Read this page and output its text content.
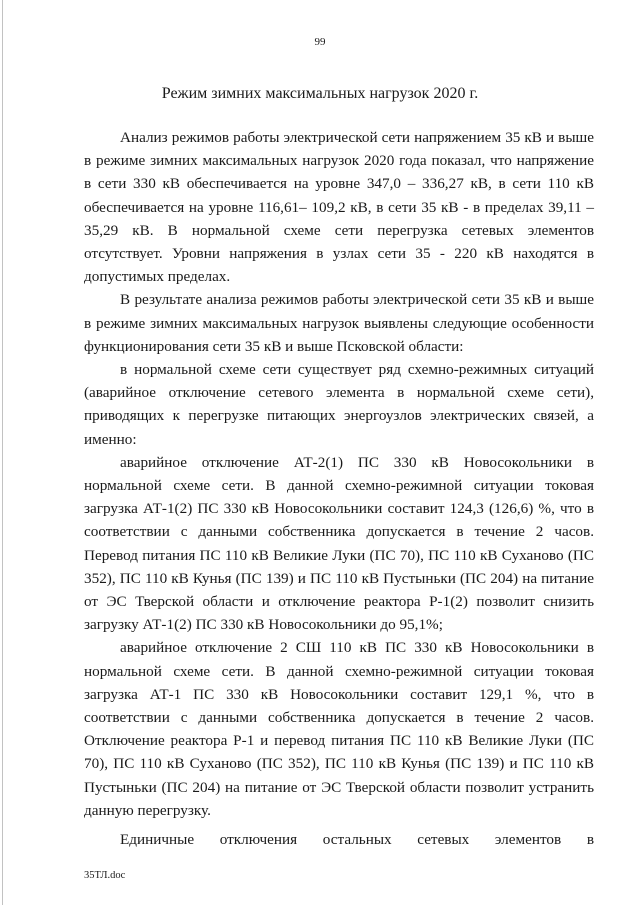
99
Режим зимних максимальных нагрузок 2020 г.

Анализ режимов работы электрической сети напряжением 35 кВ и выше в режиме зимних максимальных нагрузок 2020 года показал, что напряжение в сети 330 кВ обеспечивается на уровне 347,0 – 336,27 кВ, в сети 110 кВ обеспечивается на уровне 116,61– 109,2 кВ, в сети 35 кВ - в пределах 39,11 – 35,29 кВ. В нормальной схеме сети перегрузка сетевых элементов отсутствует. Уровни напряжения в узлах сети 35 - 220 кВ находятся в допустимых пределах.

В результате анализа режимов работы электрической сети 35 кВ и выше в режиме зимних максимальных нагрузок выявлены следующие особенности функционирования сети 35 кВ и выше Псковской области:

в нормальной схеме сети существует ряд схемно-режимных ситуаций (аварийное отключение сетевого элемента в нормальной схеме сети), приводящих к перегрузке питающих энергоузлов электрических связей, а именно:

аварийное отключение АТ-2(1) ПС 330 кВ Новосокольники в нормальной схеме сети. В данной схемно-режимной ситуации токовая загрузка АТ-1(2) ПС 330 кВ Новосокольники составит 124,3 (126,6) %, что в соответствии с данными собственника допускается в течение 2 часов. Перевод питания ПС 110 кВ Великие Луки (ПС 70), ПС 110 кВ Суханово (ПС 352), ПС 110 кВ Кунья (ПС 139) и ПС 110 кВ Пустыньки (ПС 204) на питание от ЭС Тверской области и отключение реактора Р-1(2) позволит снизить загрузку АТ-1(2) ПС 330 кВ Новосокольники до 95,1%;

аварийное отключение 2 СШ 110 кВ ПС 330 кВ Новосокольники в нормальной схеме сети. В данной схемно-режимной ситуации токовая загрузка АТ-1 ПС 330 кВ Новосокольники составит 129,1 %, что в соответствии с данными собственника допускается в течение 2 часов. Отключение реактора Р-1 и перевод питания ПС 110 кВ Великие Луки (ПС 70), ПС 110 кВ Суханово (ПС 352), ПС 110 кВ Кунья (ПС 139) и ПС 110 кВ Пустыньки (ПС 204) на питание от ЭС Тверской области позволит устранить данную перегрузку.

Единичные отключения остальных сетевых элементов в
35ТЛ.doc
